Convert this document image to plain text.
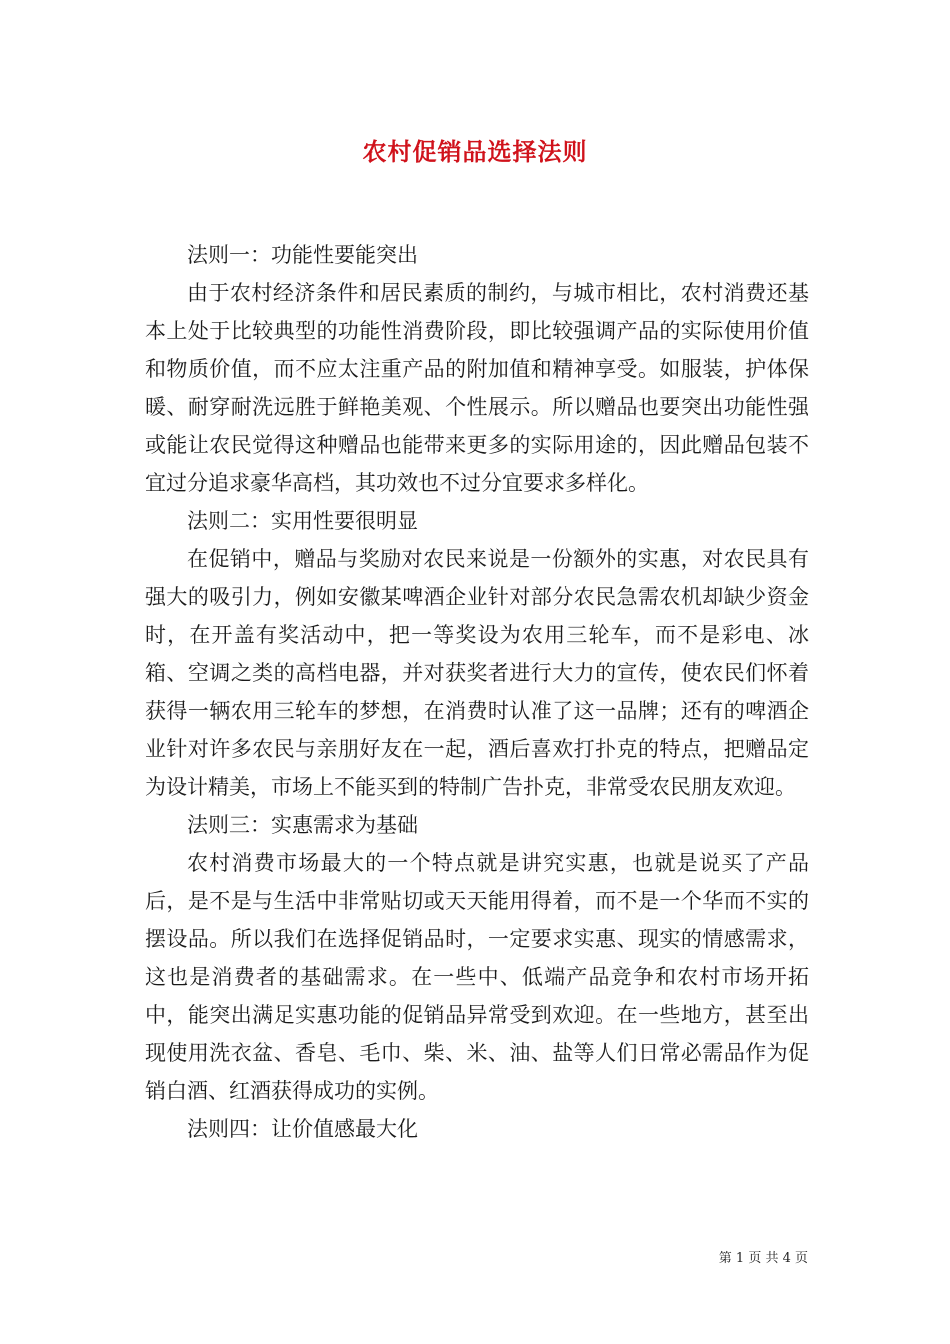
农村促销品选择法则

法则一：功能性要能突出

由于农村经济条件和居民素质的制约，与城市相比，农村消费还基本上处于比较典型的功能性消费阶段，即比较强调产品的实际使用价值和物质价值，而不应太注重产品的附加值和精神享受。如服装，护体保暖、耐穿耐洗远胜于鲜艳美观、个性展示。所以赠品也要突出功能性强或能让农民觉得这种赠品也能带来更多的实际用途的，因此赠品包装不宜过分追求豪华高档，其功效也不过分宜要求多样化。

法则二：实用性要很明显

在促销中，赠品与奖励对农民来说是一份额外的实惠，对农民具有强大的吸引力，例如安徽某啤酒企业针对部分农民急需农机却缺少资金时，在开盖有奖活动中，把一等奖设为农用三轮车，而不是彩电、冰箱、空调之类的高档电器，并对获奖者进行大力的宣传，使农民们怀着获得一辆农用三轮车的梦想，在消费时认准了这一品牌；还有的啤酒企业针对许多农民与亲朋好友在一起，酒后喜欢打扑克的特点，把赠品定为设计精美，市场上不能买到的特制广告扑克，非常受农民朋友欢迎。

法则三：实惠需求为基础

农村消费市场最大的一个特点就是讲究实惠，也就是说买了产品后，是不是与生活中非常贴切或天天能用得着，而不是一个华而不实的摆设品。所以我们在选择促销品时，一定要求实惠、现实的情感需求，这也是消费者的基础需求。在一些中、低端产品竞争和农村市场开拓中，能突出满足实惠功能的促销品异常受到欢迎。在一些地方，甚至出现使用洗衣盆、香皂、毛巾、柴、米、油、盐等人们日常必需品作为促销白酒、红酒获得成功的实例。

法则四：让价值感最大化

第 1 页 共 4 页
